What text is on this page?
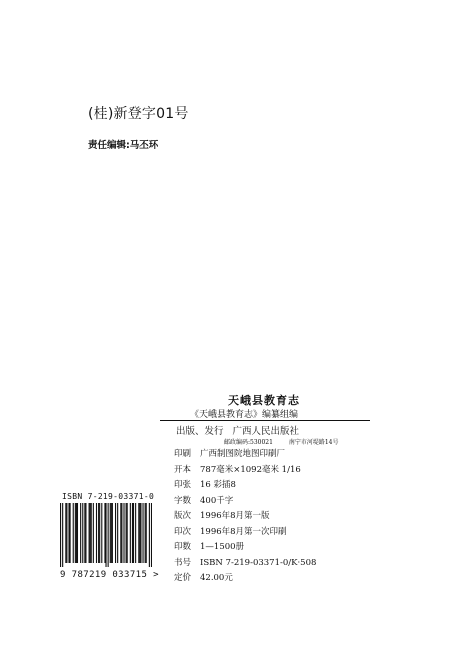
(桂)新登字01号
责任编辑:马丕环
天峨县教育志
《天峨县教育志》编纂组编
出版、发行 广西人民出版社
邮政编码:530021	南宁市河堤路14号
印刷 广西制图院地图印刷厂
开本 787毫米×1092毫米 1/16
印张 16 彩插8
字数 400千字
版次 1996年8月第一版
印次 1996年8月第一次印刷
印数 1—1500册
书号 ISBN 7-219-03371-0/K·508
定价 42.00元
ISBN 7-219-03371-0
9 787219 033715 >
